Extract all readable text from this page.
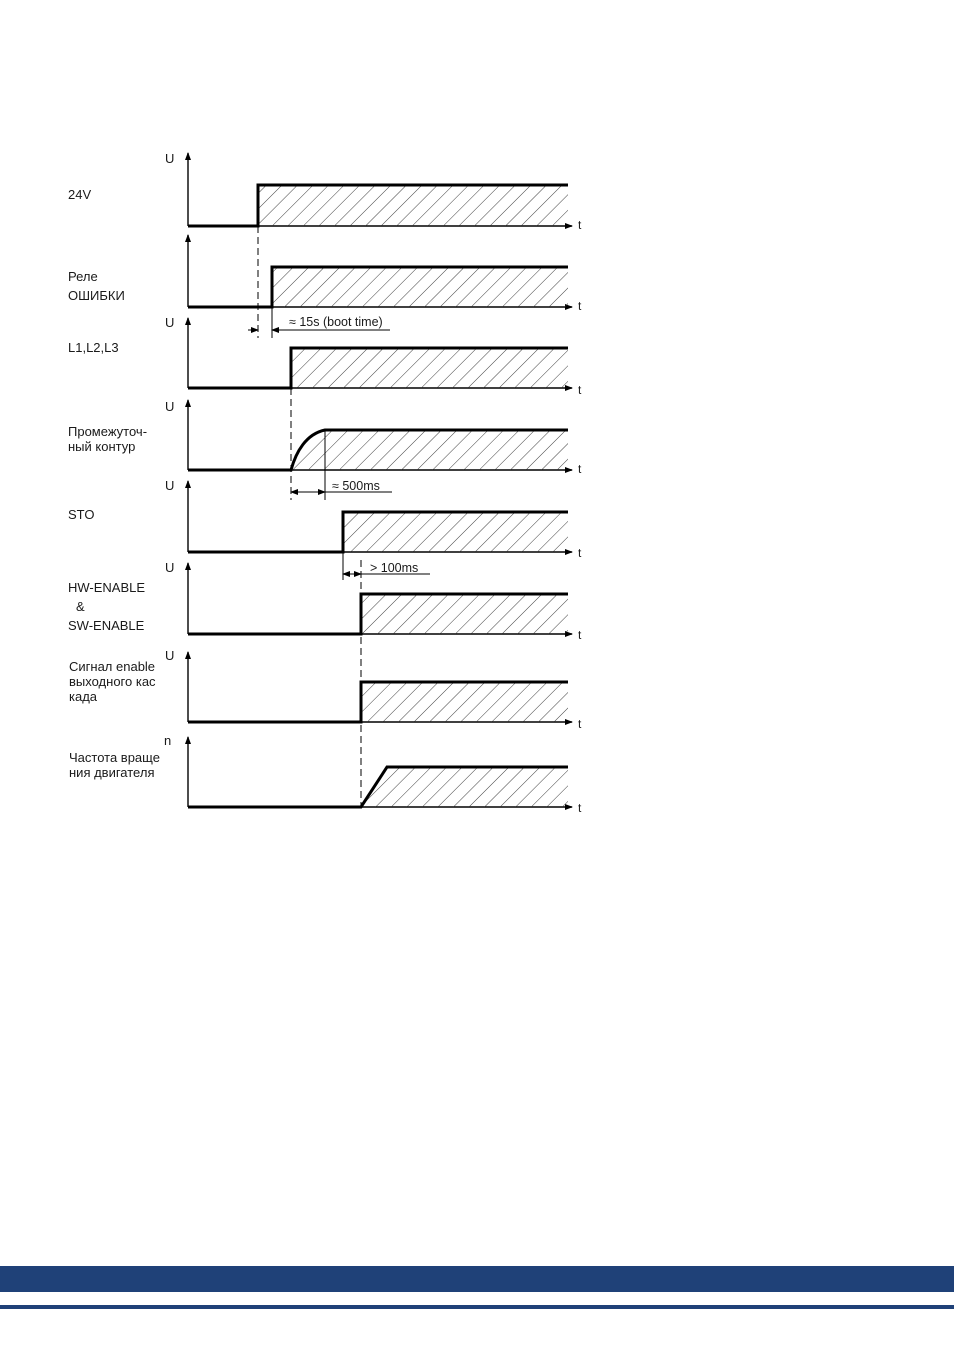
24V
U
t
Реле
ОШИБКИ
t
≈ 15s (boot time)
L1,L2,L3
U
t
Промежуточ-
ный контур
U
t
≈ 500ms
STO
U
t
> 100ms
HW-ENABLE
&
SW-ENABLE
U
t
Сигнал enable
выходного кас
када
U
t
Частота враще
ния двигателя
n
t
